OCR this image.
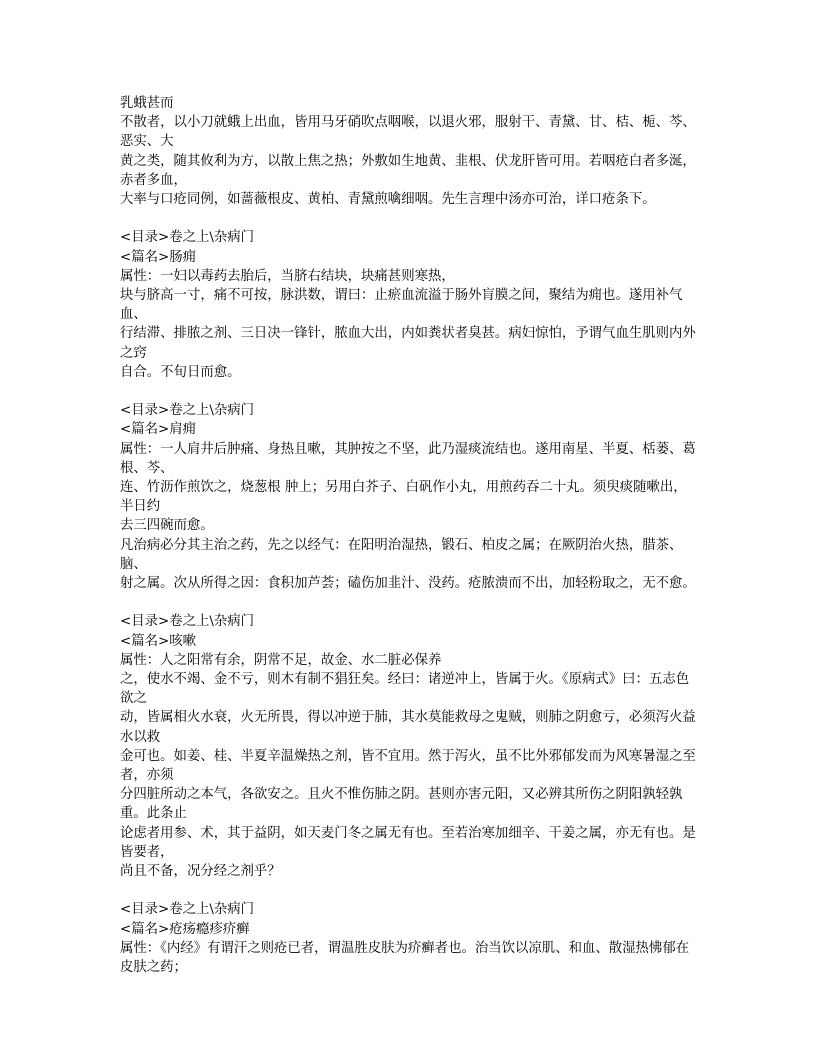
乳蛾甚而
不散者，以小刀就蛾上出血，皆用马牙硝吹点咽喉，以退火邪，服射干、青黛、甘、桔、栀、芩、恶实、大
黄之类，随其攸利为方，以散上焦之热；外敷如生地黄、韭根、伏龙肝皆可用。若咽疮白者多涎，赤者多血，
大率与口疮同例，如蔷薇根皮、黄柏、青黛煎噙细咽。先生言理中汤亦可治，详口疮条下。
<目录>卷之上\杂病门
<篇名>肠痈
属性：一妇以毒药去胎后，当脐右结块，块痛甚则寒热，
块与脐高一寸，痛不可按，脉洪数，谓曰：止瘀血流溢于肠外肓膜之间，聚结为痈也。遂用补气血、
行结滞、排脓之剂、三日决一锋针，脓血大出，内如粪状者臭甚。病妇惊怕，予谓气血生肌则内外之窍
自合。不旬日而愈。
<目录>卷之上\杂病门
<篇名>肩痈
属性：一人肩井后肿痛、身热且嗽，其肿按之不坚，此乃湿痰流结也。遂用南星、半夏、栝蒌、葛根、芩、
连、竹沥作煎饮之，烧葱根 肿上；另用白芥子、白矾作小丸，用煎药吞二十丸。须臾痰随嗽出，半日约
去三四碗而愈。
凡治病必分其主治之药，先之以经气：在阳明治湿热，锻石、柏皮之属；在厥阴治火热，腊茶、脑、
射之属。次从所得之因：食积加芦荟；磕伤加韭汁、没药。疮脓溃而不出，加轻粉取之，无不愈。
<目录>卷之上\杂病门
<篇名>咳嗽
属性：人之阳常有余，阴常不足，故金、水二脏必保养
之，使水不竭、金不亏，则木有制不猖狂矣。经曰：诸逆冲上，皆属于火。《原病式》曰：五志色欲之
动，皆属相火水衰，火无所畏，得以冲逆于肺，其水莫能救母之鬼贼，则肺之阴愈亏，必须泻火益水以救
金可也。如姜、桂、半夏辛温燥热之剂，皆不宜用。然于泻火，虽不比外邪郁发而为风寒暑湿之至者，亦须
分四脏所动之本气，各欲安之。且火不惟伤肺之阴。甚则亦害元阳，又必辨其所伤之阴阳孰轻孰重。此条止
论虑者用参、术，其于益阴，如天麦门冬之属无有也。至若治寒加细辛、干姜之属，亦无有也。是皆要者，
尚且不备，况分经之剂乎？
<目录>卷之上\杂病门
<篇名>疮疡瘾疹疥癣
属性：《内经》有谓汗之则疮已者，谓温胜皮肤为疥癣者也。治当饮以凉肌、和血、散湿热怫郁在皮肤之药；
